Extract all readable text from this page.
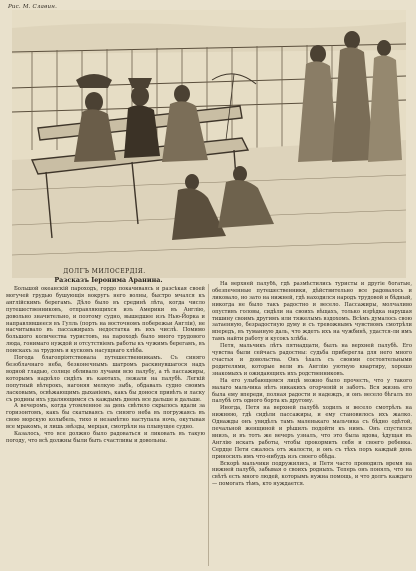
Рис. М. Славин.
ДОЛГЪ МИЛОСЕРДІЯ.
Разсказъ Іеронима Аранина.

Большой океанскій пароходъ, гордо покачиваясь и разсѣкая своей могучей грудью бушующія вокругъ него волны, быстро мчался къ англійскимъ берегамъ. Дѣло было въ срединѣ лѣта, когда число путешественниковъ, отправляющихся изъ Америки въ Англію, довольно значительно, и поэтому судно, вышедшее изъ Нью-Йорка и направлявшееся въ Гулль (порть на восточномъ побережьи Англіи), не насчитывало въ пассажирахъ недостатка въ ихъ числѣ. Помимо большого количества туристовъ, на пароходѣ было много трудового люда, гонимаго нуждой и отсутствіемъ работы къ чужимъ берегамъ, въ поискахъ за трудомъ и кускомъ насущнаго хлѣба.

Погода благопріятствовала путешественникамъ. Съ синяго безоблачнаго неба, безконечнымъ шатромъ раскинувшагося надъ водной гладью, солнце обливало лучами всю палубу, а тѣ пассажиры, которымъ надоѣло сидѣть въ каютахъ, лежали на палубѣ. Легкій попутный вѣтерокъ, нагоняя мелкую зыбь, обдавалъ судно своимъ ласковымъ, освѣжающимъ дыханіемъ, какъ бы донося привѣтъ и ласку съ родины ихъ удаляющимся съ каждымъ днемъ все дальше и дальше.

А вечеромъ, когда утомленное за день свѣтило скрылось вдали за горизонтомъ, какъ бы скатываясь съ синяго неба въ погружаясь въ свою морскую колыбель, тихо и незамѣтно наступала ночь, окутывая все мракомъ, и лишь звѣзды, мерцая, смотрѣли на плывущее судно.

Казалось, что все должно было радоваться и ликовать въ такую погоду, что всѣ должны были быть счастливы и довольны.

На верхней палубѣ, гдѣ размѣстились туристы и другіе богатые, обезпеченные путешественники, дѣйствительно все радовалось и ликовало, но зато на нижней, гдѣ находился народъ трудовой и бѣдный, никогда не было такъ радостно и весело. Пассажиры, молчаливо опустивъ головы, сидѣли на своихъ вѣщахъ, только изрѣдка нарушая тишину своимъ другимъ или тяжелымъ вздохомъ. Всѣмъ думалось свою затаенную, безрадостную думу и съ тревожнымъ чувствомъ смотрѣли впередъ, въ туманную даль, что ждетъ ихъ на чужбинѣ, удастся-ли имъ тамъ найти работу и кусокъ хлѣба.

Петя, мальчикъ лѣтъ пятнадцати, былъ на верхней палубѣ. Его чувства были сейчасъ радостны: судьба приберегла для него много счастья и довольства. Онъ ѣхалъ съ своими состоятельными родителями, которые вели въ Англію уютную квартиру, хорошо знакомыхъ и ожидающихъ ихъ родственниковъ.

На его улыбающемся лицѣ можно было прочесть, что у такого малаго мальчика нѣтъ никакихъ огорченій и заботъ. Вся жизнь его была ему впереди, полная радости и надеждъ, и онъ весело бѣгалъ по палубѣ отъ одного борта къ другому.

Иногда, Петя на верхней палубѣ ходилъ и весело смотрѣлъ на нижнюю, гдѣ сидѣли пассажиры, и ему становилось ихъ жалко. Однажды онъ увидѣлъ тамъ маленькаго мальчика съ бѣдно одѣтой, печальной женщиной и рѣшилъ подойти къ нимъ. Онъ спустился внизъ, и въ тотъ же вечеръ узналъ, что это была вдова, ѣдущая въ Англію искать работы, чтобы прокормить себя и своего ребенка. Сердце Пети сжалось отъ жалости, и онъ съ тѣхъ поръ каждый день приносилъ имъ что-нибудь изъ своего обѣда.

Вскорѣ мальчики подружились, и Петя часто проводилъ время на нижней палубѣ, забывая о своихъ родныхъ. Теперь онъ понялъ, что на свѣтѣ есть много людей, которымъ нужна помощь, и что долгъ каждаго — помогать тѣмъ, кто нуждается.
